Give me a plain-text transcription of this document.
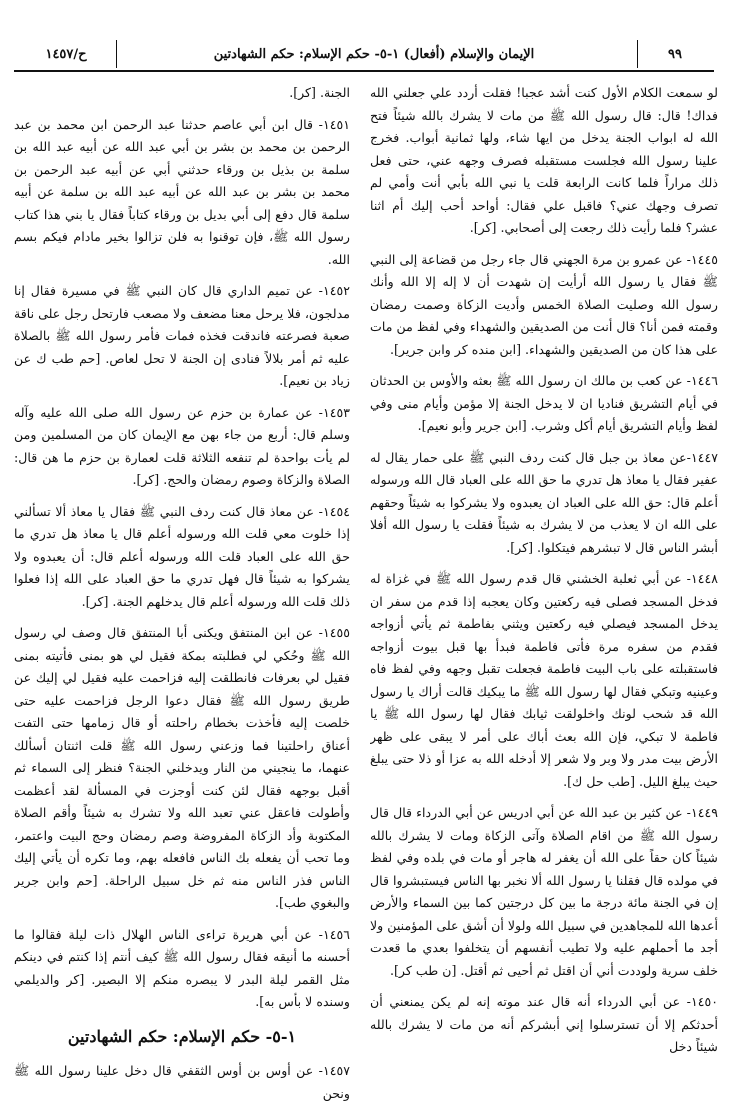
٩٩
الإيمان والإسلام (أفعال) ١-٥- حكم الإسلام: حكم الشهادتين
ح/١٤٥٧

لو سمعت الكلام الأول كنت أشد عجبا! فقلت أردد علي جعلني الله فداك! قال: قال رسول الله ﷺ من مات لا يشرك بالله شيئاً فتح الله له ابواب الجنة يدخل من ايها شاء، ولها ثمانية أبواب. فخرج علينا رسول الله فجلست مستقبله فصرف وجهه عني، حتى فعل ذلك مراراً فلما كانت الرابعة قلت يا نبي الله بأبي أنت وأمي لم تصرف وجهك عني؟ فاقبل علي فقال: أواحد أحب إليك أم اثنا عشر؟ فلما رأيت ذلك رجعت إلى أصحابي. [كر].

١٤٤٥- عن عمرو بن مرة الجهني قال جاء رجل من قضاعة إلى النبي ﷺ فقال يا رسول الله أرأيت إن شهدت أن لا إله إلا الله وأنك رسول الله وصليت الصلاة الخمس وأديت الزكاة وصمت رمضان وقمته فمن أنا؟ قال أنت من الصديقين والشهداء وفي لفظ من مات على هذا كان من الصديقين والشهداء. [ابن منده كر وابن جرير].

١٤٤٦- عن كعب بن مالك ان رسول الله ﷺ بعثه والأوس بن الحدثان في أيام التشريق فناديا ان لا يدخل الجنة إلا مؤمن وأيام منى وفي لفظ وأيام التشريق أيام أكل وشرب. [ابن جرير وأبو نعيم].

١٤٤٧-عن معاذ بن جبل قال كنت ردف النبي ﷺ على حمار يقال له عفير فقال يا معاذ هل تدري ما حق الله على العباد قال الله ورسوله أعلم قال: حق الله على العباد ان يعبدوه ولا يشركوا به شيئاً وحقهم على الله ان لا يعذب من لا يشرك به شيئاً فقلت يا رسول الله أفلا أبشر الناس قال لا تبشرهم فيتكلوا. [كر].

١٤٤٨- عن أبي ثعلبة الخشني قال قدم رسول الله ﷺ في غزاة له فدخل المسجد فصلى فيه ركعتين وكان يعجبه إذا قدم من سفر ان يدخل المسجد فيصلي فيه ركعتين ويثني بفاطمة ثم يأتي أزواجه فقدم من سفره مرة فأتى فاطمة فبدأ بها قبل بيوت أزواجه فاستقبلته على باب البيت فاطمة فجعلت تقبل وجهه وفي لفظ فاه وعينيه وتبكي فقال لها رسول الله ﷺ ما يبكيك قالت أراك يا رسول الله قد شحب لونك واخلولقت ثيابك فقال لها رسول الله ﷺ يا فاطمة لا تبكي، فإن الله بعث أباك على أمر لا يبقى على ظهر الأرض بيت مدر ولا وبر ولا شعر إلا أدخله الله به عزا أو ذلا حتى يبلغ حيث يبلغ الليل. [طب حل ك].

١٤٤٩- عن كثير بن عبد الله عن أبي ادريس عن أبي الدرداء قال قال رسول الله ﷺ من اقام الصلاة وآتى الزكاة ومات لا يشرك بالله شيئاً كان حقاً على الله أن يغفر له هاجر أو مات في بلده وفي لفظ في مولده قال فقلنا يا رسول الله ألا نخبر بها الناس فيستبشروا قال إن في الجنة مائة درجة ما بين كل درجتين كما بين السماء والأرض أعدها الله للمجاهدين في سبيل الله ولولا أن أشق على المؤمنين ولا أجد ما أحملهم عليه ولا تطيب أنفسهم أن يتخلفوا بعدي ما قعدت خلف سرية ولوددت أني أن اقتل ثم أحيى ثم أقتل. [ن طب كر].

١٤٥٠- عن أبي الدرداء أنه قال عند موته إنه لم يكن يمنعني أن أحدثكم إلا أن تسترسلوا إني أبشركم أنه من مات لا يشرك بالله شيئاً دخل

الجنة. [كر].

١٤٥١- قال ابن أبي عاصم حدثنا عبد الرحمن ابن محمد بن عبد الرحمن بن محمد بن بشر بن أبي عبد الله عن أبيه عبد الله بن سلمة بن بذيل بن ورقاء حدثني أبي عن أبيه عبد الرحمن بن محمد بن بشر بن عبد الله عن أبيه عبد الله بن سلمة عن أبيه سلمة قال دفع إلى أبي بديل بن ورقاء كتاباً فقال يا بني هذا كتاب رسول الله ﷺ، فإن توقنوا به فلن تزالوا بخير مادام فيكم بسم الله.

١٤٥٢- عن تميم الداري قال كان النبي ﷺ في مسيرة فقال إنا مدلجون، فلا يرحل معنا مضعف ولا مصعب فارتحل رجل على ناقة صعبة فصرعته فاندقت فخذه فمات فأمر رسول الله ﷺ بالصلاة عليه ثم أمر بلالاً فنادى إن الجنة لا تحل لعاص. [حم طب ك عن زياد بن نعيم].

١٤٥٣- عن عمارة بن حزم عن رسول الله صلى الله عليه وآله وسلم قال: أربع من جاء بهن مع الإيمان كان من المسلمين ومن لم يأت بواحدة لم تنفعه الثلاثة قلت لعمارة بن حزم ما هن قال: الصلاة والزكاة وصوم رمضان والحج. [كر].

١٤٥٤- عن معاذ قال كنت ردف النبي ﷺ فقال يا معاذ ألا تسألني إذا خلوت معي قلت الله ورسوله أعلم قال يا معاذ هل تدري ما حق الله على العباد قلت الله ورسوله أعلم قال: أن يعبدوه ولا يشركوا به شيئاً قال فهل تدري ما حق العباد على الله إذا فعلوا ذلك قلت الله ورسوله أعلم قال يدخلهم الجنة. [كر].

١٤٥٥- عن ابن المنتفق ويكنى أبا المنتفق قال وصف لي رسول الله ﷺ وحُكي لي فطلبته بمكة فقيل لي هو بمنى فأتيته بمنى فقيل لي بعرفات فانطلقت إليه فزاحمت عليه فقيل لي إليك عن طريق رسول الله ﷺ فقال دعوا الرجل فزاحمت عليه حتى خلصت إليه فأخذت بخطام راحلته أو قال زمامها حتى التفت أعناق راحلتينا فما وزعني رسول الله ﷺ قلت اثنتان أسألك عنهما، ما ينجيني من النار ويدخلني الجنة؟ فنظر إلى السماء ثم أقبل بوجهه فقال لئن كنت أوجزت في المسألة لقد أعظمت وأطولت فاعقل عني تعبد الله ولا تشرك به شيئاً وأقم الصلاة المكتوبة وأد الزكاة المفروضة وصم رمضان وحج البيت واعتمر، وما تحب أن يفعله بك الناس فافعله بهم، وما تكره أن يأتي إليك الناس فذر الناس منه ثم خل سبيل الراحلة. [حم وابن جرير والبغوي طب].

١٤٥٦- عن أبي هريرة تراءى الناس الهلال ذات ليلة فقالوا ما أحسنه ما أنيقه فقال رسول الله ﷺ كيف أنتم إذا كنتم في دينكم مثل القمر ليلة البدر لا يبصره منكم إلا البصير. [كر والديلمي وسنده لا بأس به].

١-٥- حكم الإسلام: حكم الشهادتين

١٤٥٧- عن أوس بن أوس الثقفي قال دخل علينا رسول الله ﷺ ونحن
